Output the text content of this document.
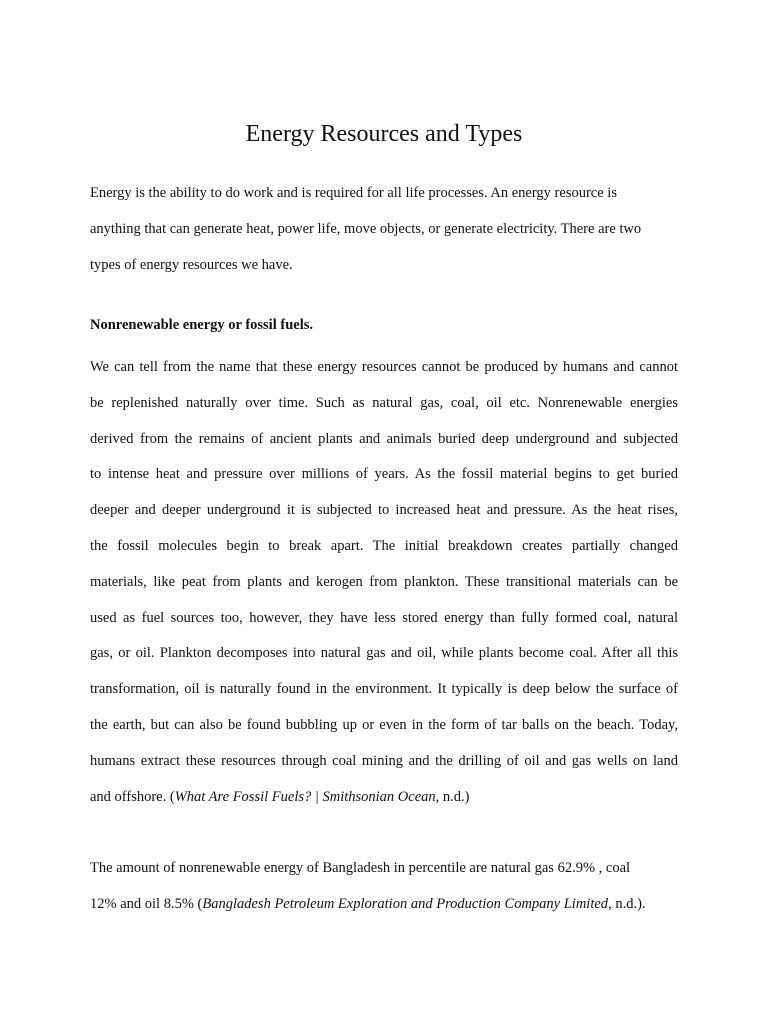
Energy Resources and Types

Energy is the ability to do work and is required for all life processes. An energy resource is
anything that can generate heat, power life, move objects, or generate electricity. There are two
types of energy resources we have.

Nonrenewable energy or fossil fuels.

We can tell from the name that these energy resources cannot be produced by humans and cannot
be replenished naturally over time. Such as natural gas, coal, oil etc. Nonrenewable energies
derived from the remains of ancient plants and animals buried deep underground and subjected
to intense heat and pressure over millions of years. As the fossil material begins to get buried
deeper and deeper underground it is subjected to increased heat and pressure. As the heat rises,
the fossil molecules begin to break apart. The initial breakdown creates partially changed
materials, like peat from plants and kerogen from plankton. These transitional materials can be
used as fuel sources too, however, they have less stored energy than fully formed coal, natural
gas, or oil. Plankton decomposes into natural gas and oil, while plants become coal. After all this
transformation, oil is naturally found in the environment. It typically is deep below the surface of
the earth, but can also be found bubbling up or even in the form of tar balls on the beach. Today,
humans extract these resources through coal mining and the drilling of oil and gas wells on land
and offshore. (What Are Fossil Fuels? | Smithsonian Ocean, n.d.)

The amount of nonrenewable energy of Bangladesh in percentile are natural gas 62.9% , coal
12% and oil 8.5% (Bangladesh Petroleum Exploration and Production Company Limited, n.d.).
